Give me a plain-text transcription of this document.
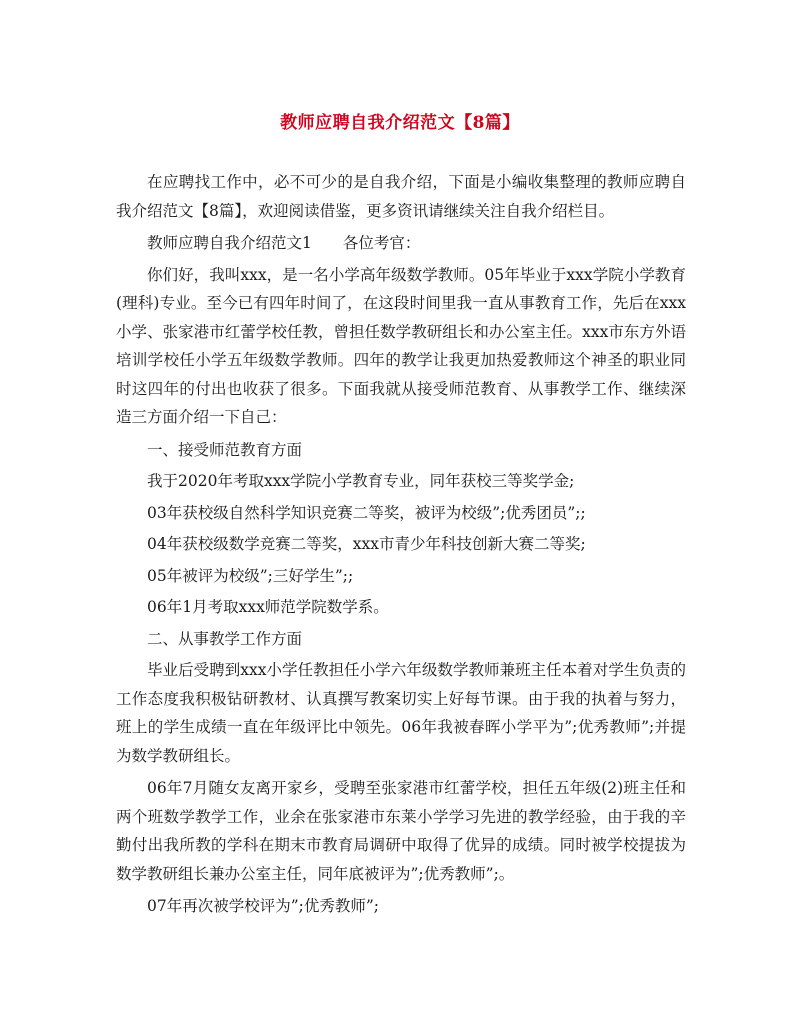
教师应聘自我介绍范文【8篇】

在应聘找工作中，必不可少的是自我介绍，下面是小编收集整理的教师应聘自我介绍范文【8篇】，欢迎阅读借鉴，更多资讯请继续关注自我介绍栏目。

教师应聘自我介绍范文1　　各位考官：

你们好，我叫xxx，是一名小学高年级数学教师。05年毕业于xxx学院小学教育(理科)专业。至今已有四年时间了，在这段时间里我一直从事教育工作，先后在xxx小学、张家港市红蕾学校任教，曾担任数学教研组长和办公室主任。xxx市东方外语培训学校任小学五年级数学教师。四年的教学让我更加热爱教师这个神圣的职业同时这四年的付出也收获了很多。下面我就从接受师范教育、从事教学工作、继续深造三方面介绍一下自己：

一、接受师范教育方面

我于2020年考取xxx学院小学教育专业，同年获校三等奖学金;

03年获校级自然科学知识竞赛二等奖，被评为校级”;优秀团员”;;

04年获校级数学竞赛二等奖，xxx市青少年科技创新大赛二等奖;

05年被评为校级”;三好学生”;;

06年1月考取xxx师范学院数学系。

二、从事教学工作方面

毕业后受聘到xxx小学任教担任小学六年级数学教师兼班主任本着对学生负责的工作态度我积极钻研教材、认真撰写教案切实上好每节课。由于我的执着与努力，班上的学生成绩一直在年级评比中领先。06年我被春晖小学平为”;优秀教师”;并提为数学教研组长。

06年7月随女友离开家乡，受聘至张家港市红蕾学校，担任五年级(2)班主任和两个班数学教学工作，业余在张家港市东莱小学学习先进的教学经验，由于我的辛勤付出我所教的学科在期末市教育局调研中取得了优异的成绩。同时被学校提拔为数学教研组长兼办公室主任，同年底被评为”;优秀教师”;。

07年再次被学校评为”;优秀教师”;
